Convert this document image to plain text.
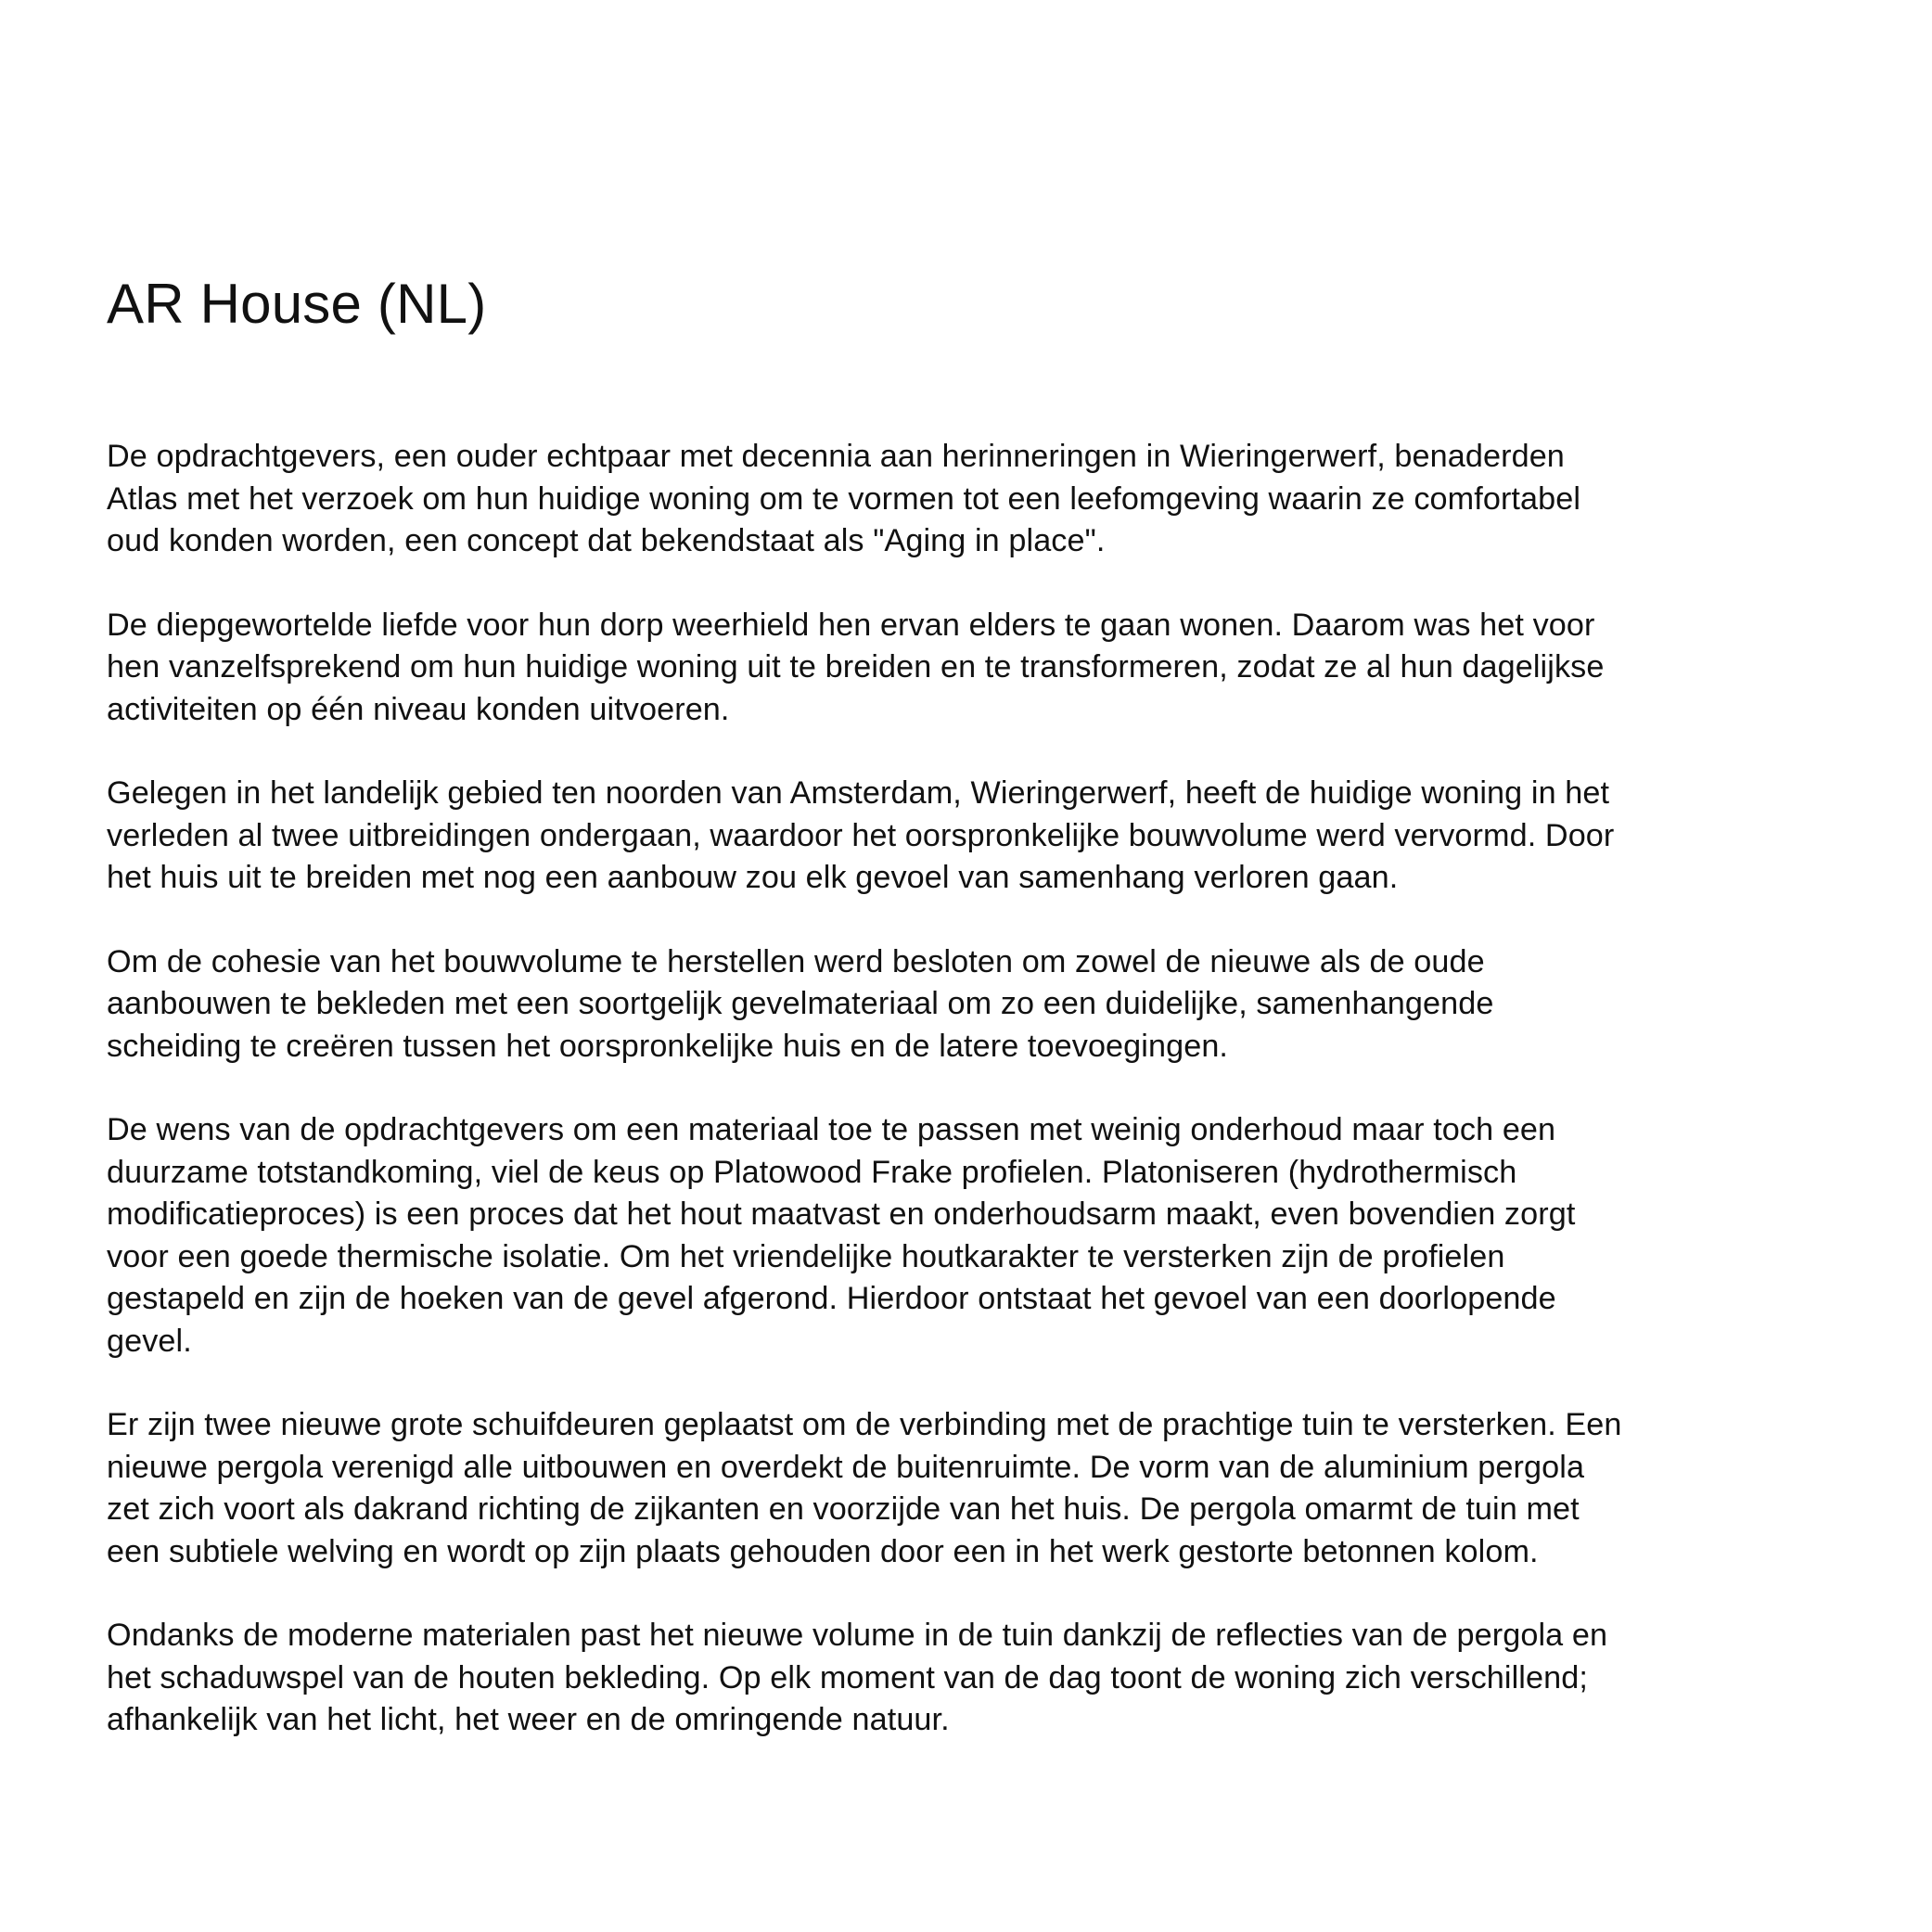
AR House (NL)

De opdrachtgevers, een ouder echtpaar met decennia aan herinneringen in Wieringerwerf, benaderden
Atlas met het verzoek om hun huidige woning om te vormen tot een leefomgeving waarin ze comfortabel
oud konden worden, een concept dat bekendstaat als "Aging in place".

De diepgewortelde liefde voor hun dorp weerhield hen ervan elders te gaan wonen. Daarom was het voor
hen vanzelfsprekend om hun huidige woning uit te breiden en te transformeren, zodat ze al hun dagelijkse
activiteiten op één niveau konden uitvoeren.

Gelegen in het landelijk gebied ten noorden van Amsterdam, Wieringerwerf, heeft de huidige woning in het
verleden al twee uitbreidingen ondergaan, waardoor het oorspronkelijke bouwvolume werd vervormd. Door
het huis uit te breiden met nog een aanbouw zou elk gevoel van samenhang verloren gaan.

Om de cohesie van het bouwvolume te herstellen werd besloten om zowel de nieuwe als de oude
aanbouwen te bekleden met een soortgelijk gevelmateriaal om zo een duidelijke, samenhangende
scheiding te creëren tussen het oorspronkelijke huis en de latere toevoegingen.

De wens van de opdrachtgevers om een materiaal toe te passen met weinig onderhoud maar toch een
duurzame totstandkoming, viel de keus op Platowood Frake profielen. Platoniseren (hydrothermisch
modificatieproces) is een proces dat het hout maatvast en onderhoudsarm maakt, even bovendien zorgt
voor een goede thermische isolatie. Om het vriendelijke houtkarakter te versterken zijn de profielen
gestapeld en zijn de hoeken van de gevel afgerond. Hierdoor ontstaat het gevoel van een doorlopende
gevel.

Er zijn twee nieuwe grote schuifdeuren geplaatst om de verbinding met de prachtige tuin te versterken. Een
nieuwe pergola verenigd alle uitbouwen en overdekt de buitenruimte. De vorm van de aluminium pergola
zet zich voort als dakrand richting de zijkanten en voorzijde van het huis. De pergola omarmt de tuin met
een subtiele welving en wordt op zijn plaats gehouden door een in het werk gestorte betonnen kolom.

Ondanks de moderne materialen past het nieuwe volume in de tuin dankzij de reflecties van de pergola en
het schaduwspel van de houten bekleding. Op elk moment van de dag toont de woning zich verschillend;
afhankelijk van het licht, het weer en de omringende natuur.
